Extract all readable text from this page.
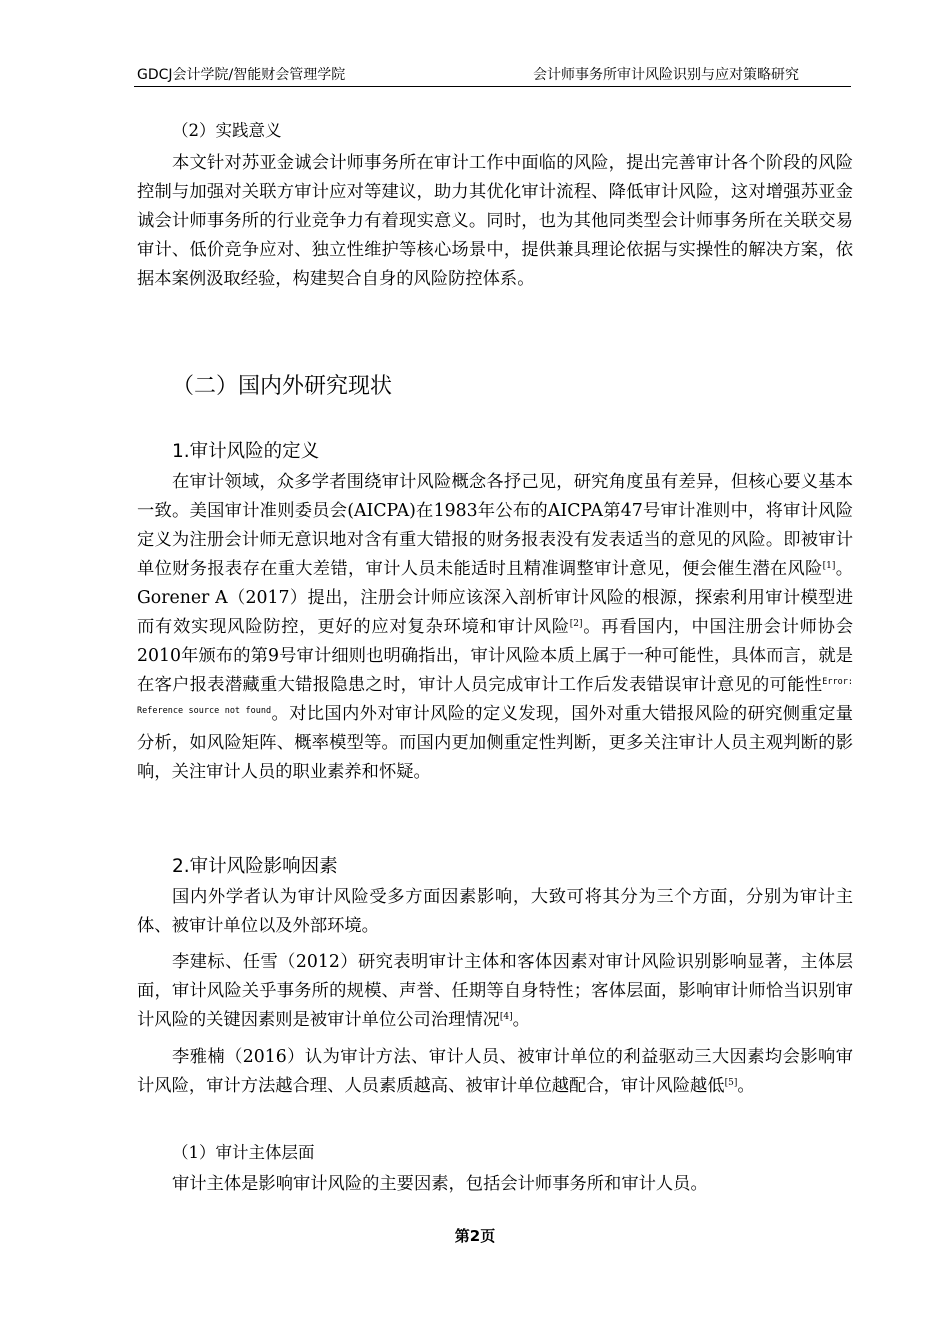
GDCJ会计学院/智能财会管理学院	会计师事务所审计风险识别与应对策略研究
（2）实践意义
本文针对苏亚金诚会计师事务所在审计工作中面临的风险，提出完善审计各个阶段的风险控制与加强对关联方审计应对等建议，助力其优化审计流程、降低审计风险，这对增强苏亚金诚会计师事务所的行业竞争力有着现实意义。同时，也为其他同类型会计师事务所在关联交易审计、低价竞争应对、独立性维护等核心场景中，提供兼具理论依据与实操性的解决方案，依据本案例汲取经验，构建契合自身的风险防控体系。
（二）国内外研究现状
1.审计风险的定义
在审计领域，众多学者围绕审计风险概念各抒己见，研究角度虽有差异，但核心要义基本一致。美国审计准则委员会(AICPA)在1983年公布的AICPA第47号审计准则中，将审计风险定义为注册会计师无意识地对含有重大错报的财务报表没有发表适当的意见的风险。即被审计单位财务报表存在重大差错，审计人员未能适时且精准调整审计意见，便会催生潜在风险[1]。Gorener A（2017）提出，注册会计师应该深入剖析审计风险的根源，探索利用审计模型进而有效实现风险防控，更好的应对复杂环境和审计风险[2]。再看国内，中国注册会计师协会2010年颁布的第9号审计细则也明确指出，审计风险本质上属于一种可能性，具体而言，就是在客户报表潜藏重大错报隐患之时，审计人员完成审计工作后发表错误审计意见的可能性$^{Error: Reference source not found}$。对比国内外对审计风险的定义发现，国外对重大错报风险的研究侧重定量分析，如风险矩阵、概率模型等。而国内更加侧重定性判断，更多关注审计人员主观判断的影响，关注审计人员的职业素养和怀疑。
2.审计风险影响因素
国内外学者认为审计风险受多方面因素影响，大致可将其分为三个方面，分别为审计主体、被审计单位以及外部环境。
李建标、任雪（2012）研究表明审计主体和客体因素对审计风险识别影响显著，主体层面，审计风险关乎事务所的规模、声誉、任期等自身特性；客体层面，影响审计师恰当识别审计风险的关键因素则是被审计单位公司治理情况[4]。
李雅楠（2016）认为审计方法、审计人员、被审计单位的利益驱动三大因素均会影响审计风险，审计方法越合理、人员素质越高、被审计单位越配合，审计风险越低[5]。
（1）审计主体层面
审计主体是影响审计风险的主要因素，包括会计师事务所和审计人员。
第2页
